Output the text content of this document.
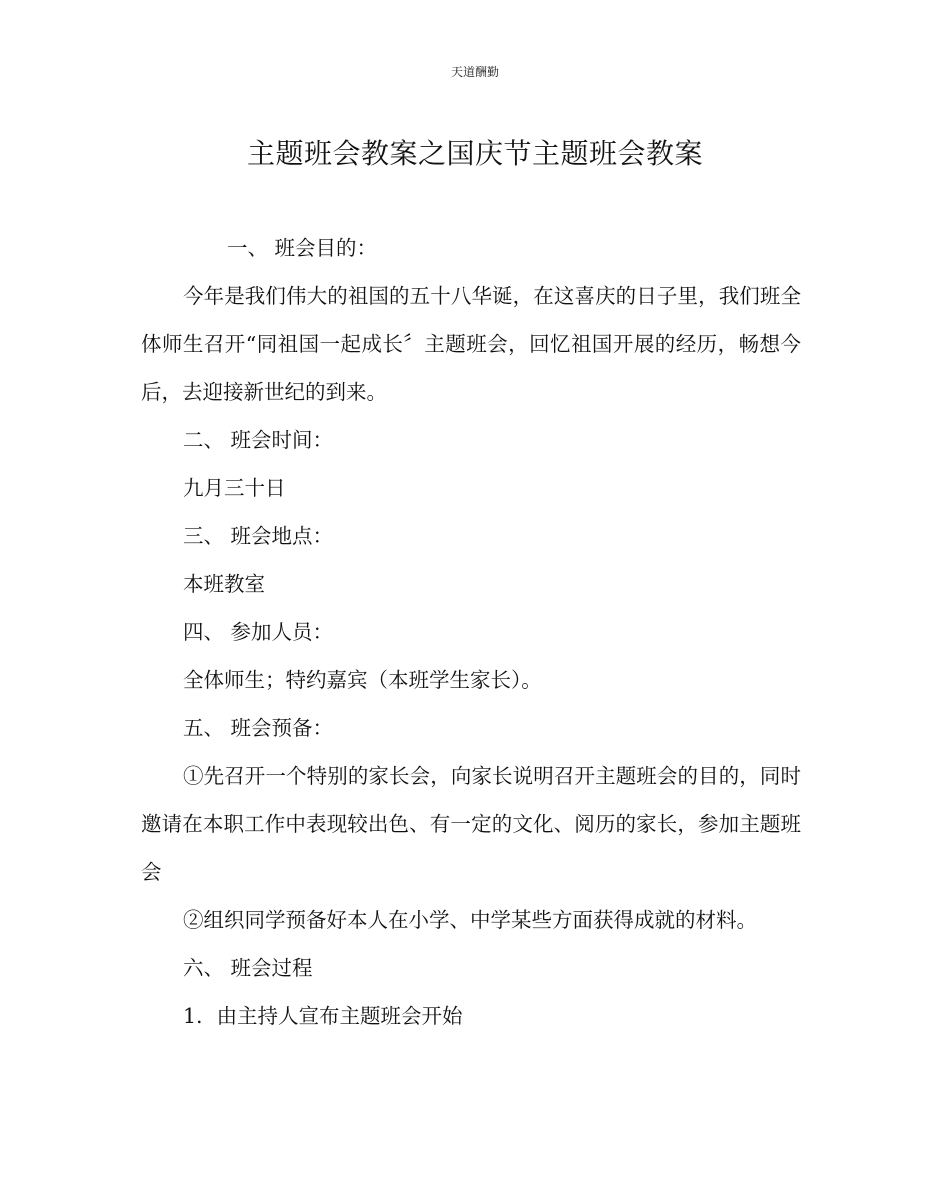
天道酬勤
主题班会教案之国庆节主题班会教案

一、 班会目的：

今年是我们伟大的祖国的五十八华诞，在这喜庆的日子里，我们班全体师生召开“同祖国一起成长〞主题班会，回忆祖国开展的经历，畅想今后，去迎接新世纪的到来。

二、 班会时间：

九月三十日

三、 班会地点：

本班教室

四、 参加人员：

全体师生；特约嘉宾（本班学生家长）。

五、 班会预备：

①先召开一个特别的家长会，向家长说明召开主题班会的目的，同时邀请在本职工作中表现较出色、有一定的文化、阅历的家长，参加主题班会

②组织同学预备好本人在小学、中学某些方面获得成就的材料。

六、 班会过程

1. 由主持人宣布主题班会开始
